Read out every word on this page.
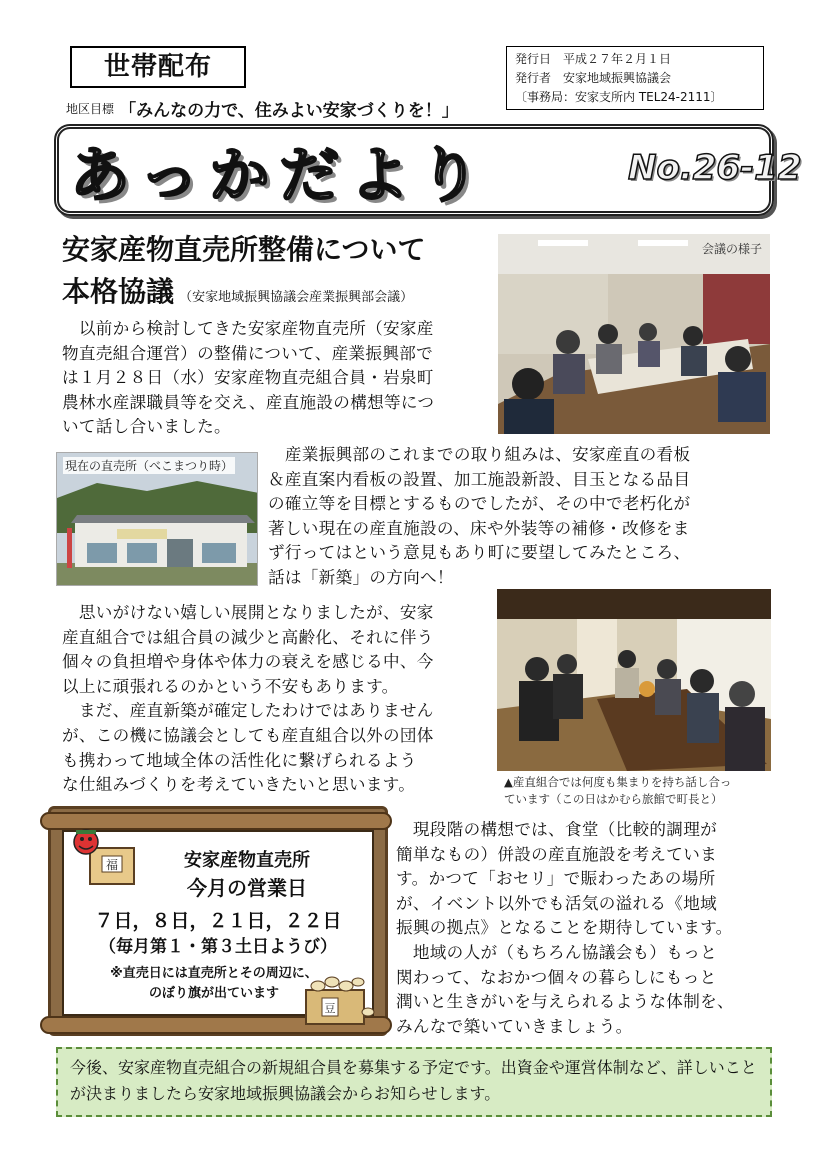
世帯配布
地区目標 「みんなの力で、住みよい安家づくりを！」
発行日　平成２７年２月１日
発行者　安家地域振興協議会
〔事務局：安家支所内 TEL24-2111〕
あっかだより	No.26-12
安家産物直売所整備について
本格協議 （安家地域振興協議会産業振興部会議）
会議の様子
　以前から検討してきた安家産物直売所（安家産
物直売組合運営）の整備について、産業振興部で
は１月２８日（水）安家産物直売組合員・岩泉町
農林水産課職員等を交え、産直施設の構想等につ
いて話し合いました。
現在の直売所（べこまつり時）
　産業振興部のこれまでの取り組みは、安家産直の看板
＆産直案内看板の設置、加工施設新設、目玉となる品目
の確立等を目標とするものでしたが、その中で老朽化が
著しい現在の産直施設の、床や外装等の補修・改修をま
ず行ってはという意見もあり町に要望してみたところ、
話は「新築」の方向へ！
▲産直組合では何度も集まりを持ち話し合っ
ています（この日はかむら旅館で町長と）
　思いがけない嬉しい展開となりましたが、安家
産直組合では組合員の減少と高齢化、それに伴う
個々の負担増や身体や体力の衰えを感じる中、今
以上に頑張れるのかという不安もあります。
　まだ、産直新築が確定したわけではありません
が、この機に協議会としても産直組合以外の団体
も携わって地域全体の活性化に繋げられるよう
な仕組みづくりを考えていきたいと思います。
福	安家産物直売所
今月の営業日
７日，８日，２１日，２２日
（毎月第１・第３土日ようび）
※直売日には直売所とその周辺に、
のぼり旗が出ています
豆
　現段階の構想では、食堂（比較的調理が
簡単なもの）併設の産直施設を考えていま
す。かつて「おセリ」で賑わったあの場所
が、イベント以外でも活気の溢れる《地域
振興の拠点》となることを期待しています。
　地域の人が（もちろん協議会も）もっと
関わって、なおかつ個々の暮らしにもっと
潤いと生きがいを与えられるような体制を、
みんなで築いていきましょう。
今後、安家産物直売組合の新規組合員を募集する予定です。出資金や運営体制など、詳しいことが決まりましたら安家地域振興協議会からお知らせします。
